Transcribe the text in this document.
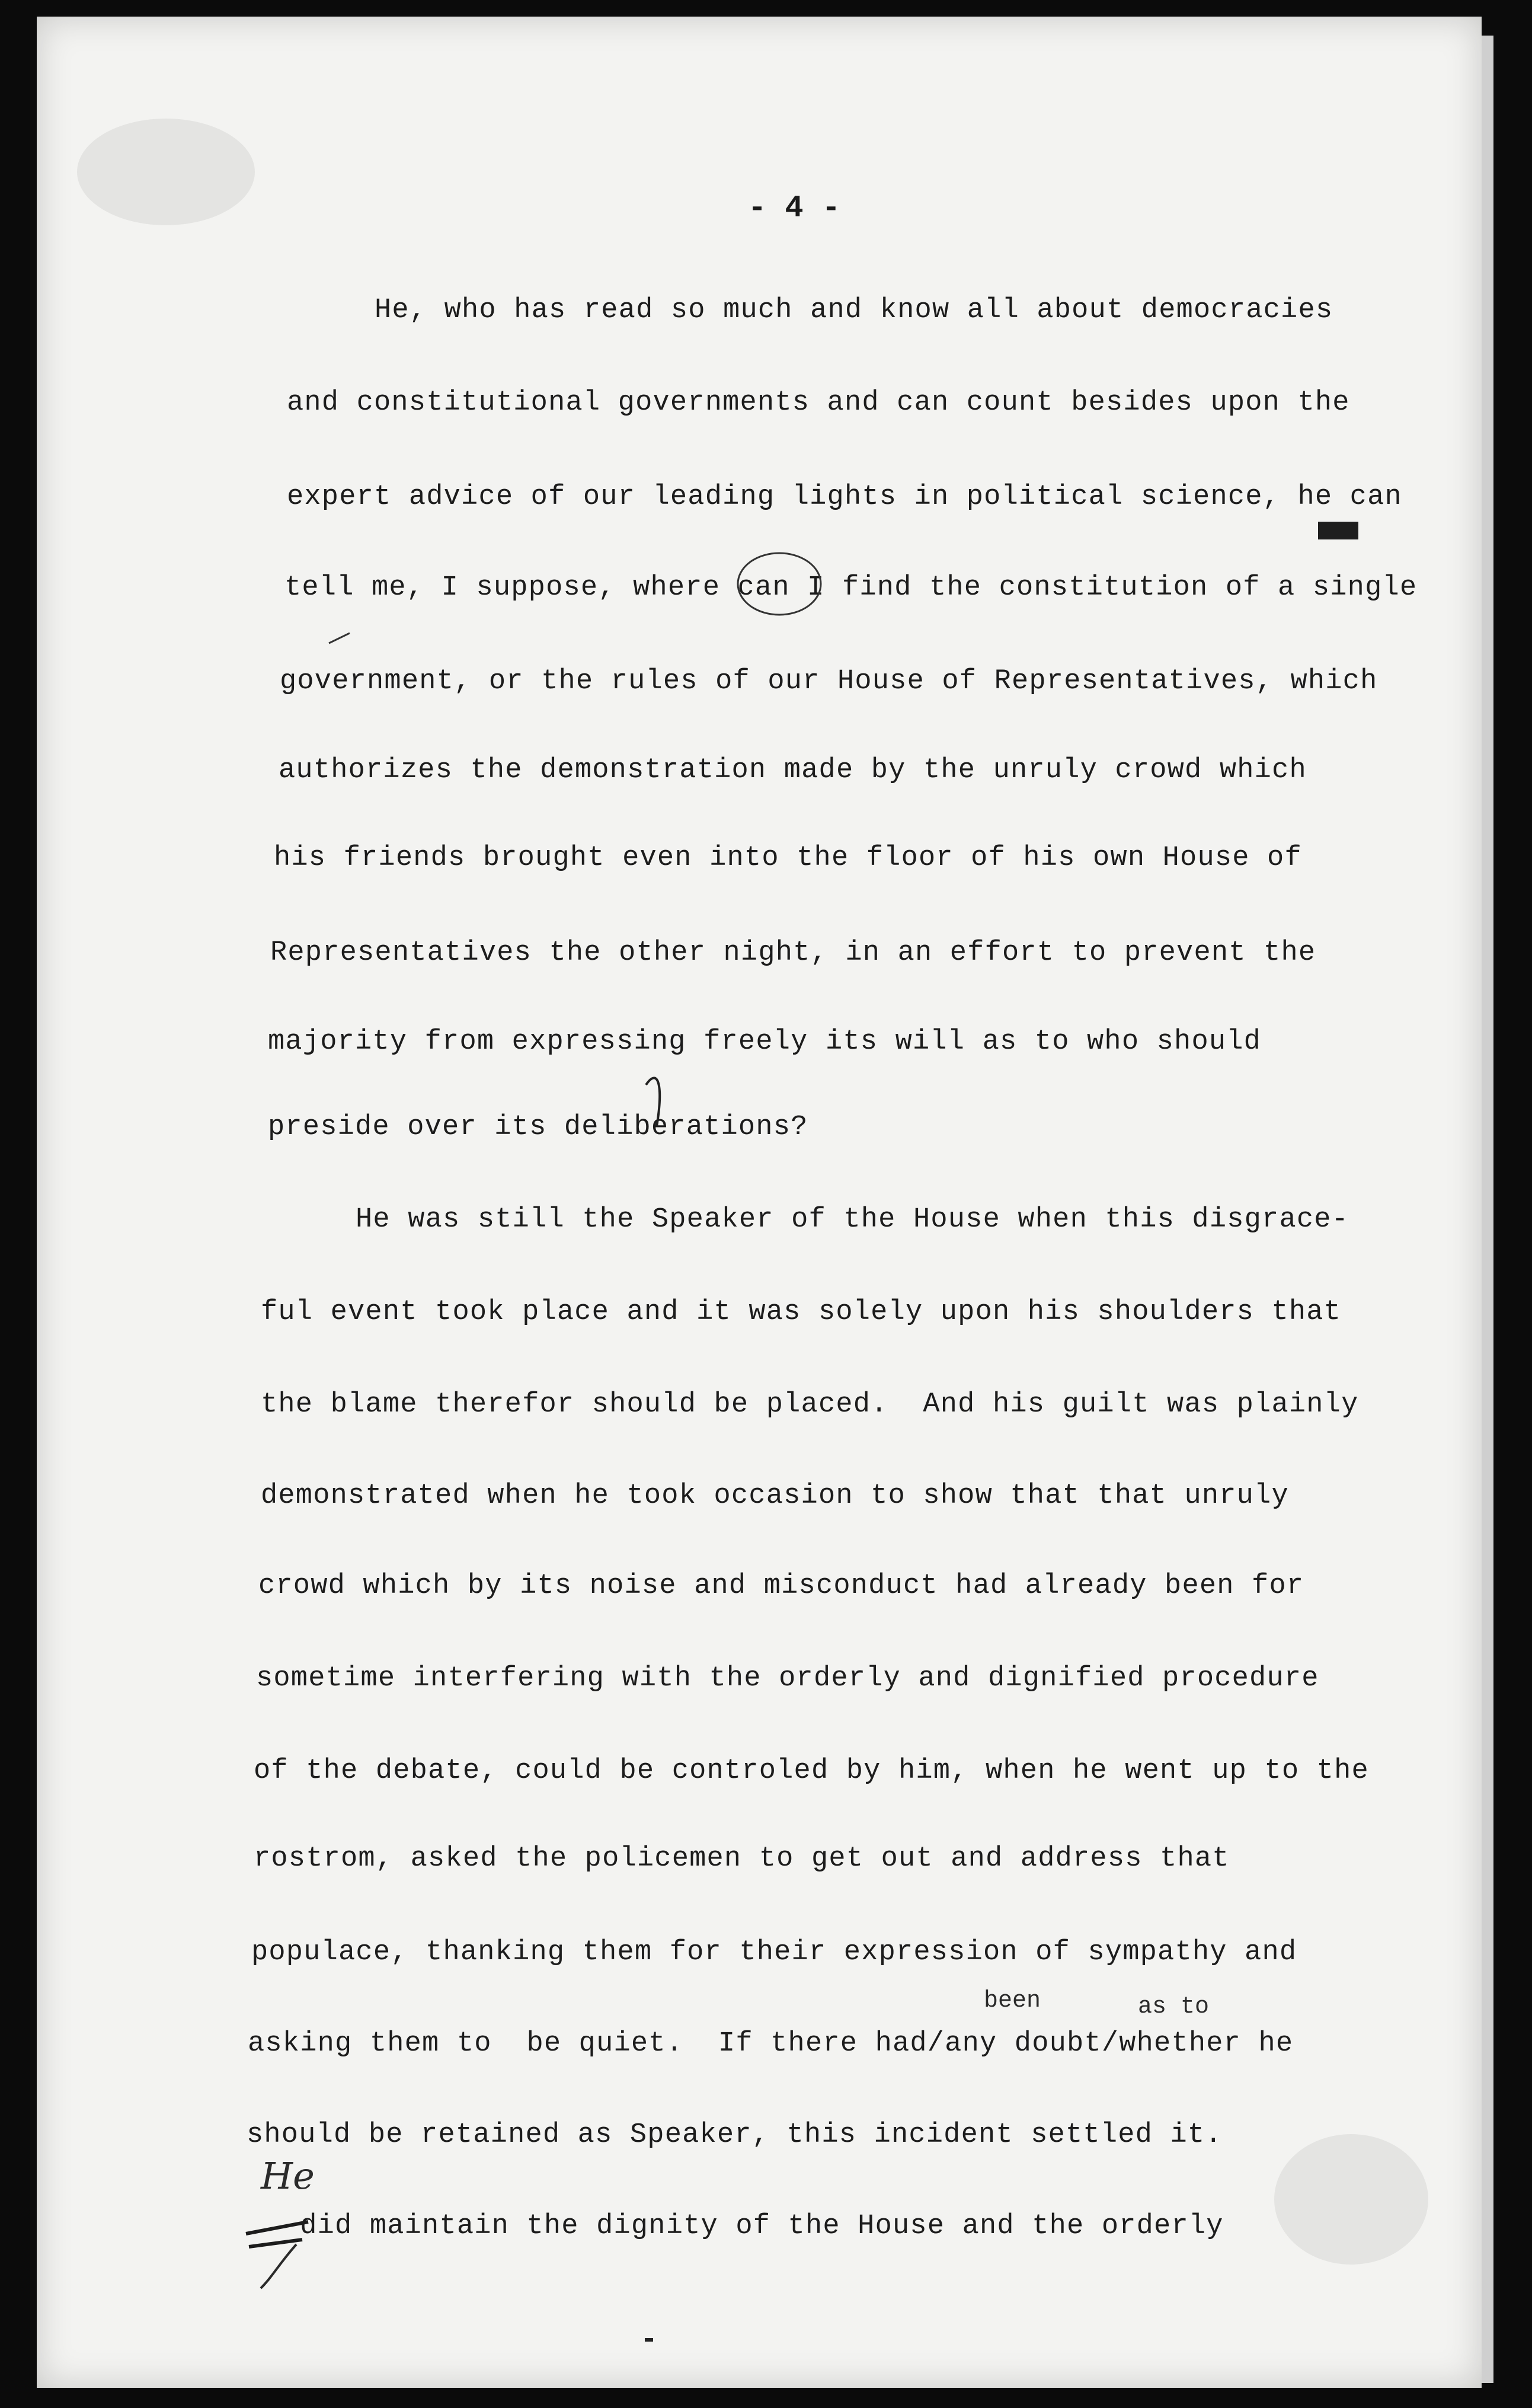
- 4 -
He, who has read so much and know all about democracies
and constitutional governments and can count besides upon the
expert advice of our leading lights in political science, he can
tell me, I suppose, where can I find the constitution of a single
government, or the rules of our House of Representatives, which
authorizes the demonstration made by the unruly crowd which
his friends brought even into the floor of his own House of
Representatives the other night, in an effort to prevent the
majority from expressing freely its will as to who should
preside over its deliberations?
He was still the Speaker of the House when this disgrace-
ful event took place and it was solely upon his shoulders that
the blame therefor should be placed.  And his guilt was plainly
demonstrated when he took occasion to show that that unruly
crowd which by its noise and misconduct had already been for
sometime interfering with the orderly and dignified procedure
of the debate, could be controled by him, when he went up to the
rostrom, asked the policemen to get out and address that
populace, thanking them for their expression of sympathy and
been	as to
asking them to  be quiet.  If there had/any doubt/whether he
should be retained as Speaker, this incident settled it.
did maintain the dignity of the House and the orderly
He
